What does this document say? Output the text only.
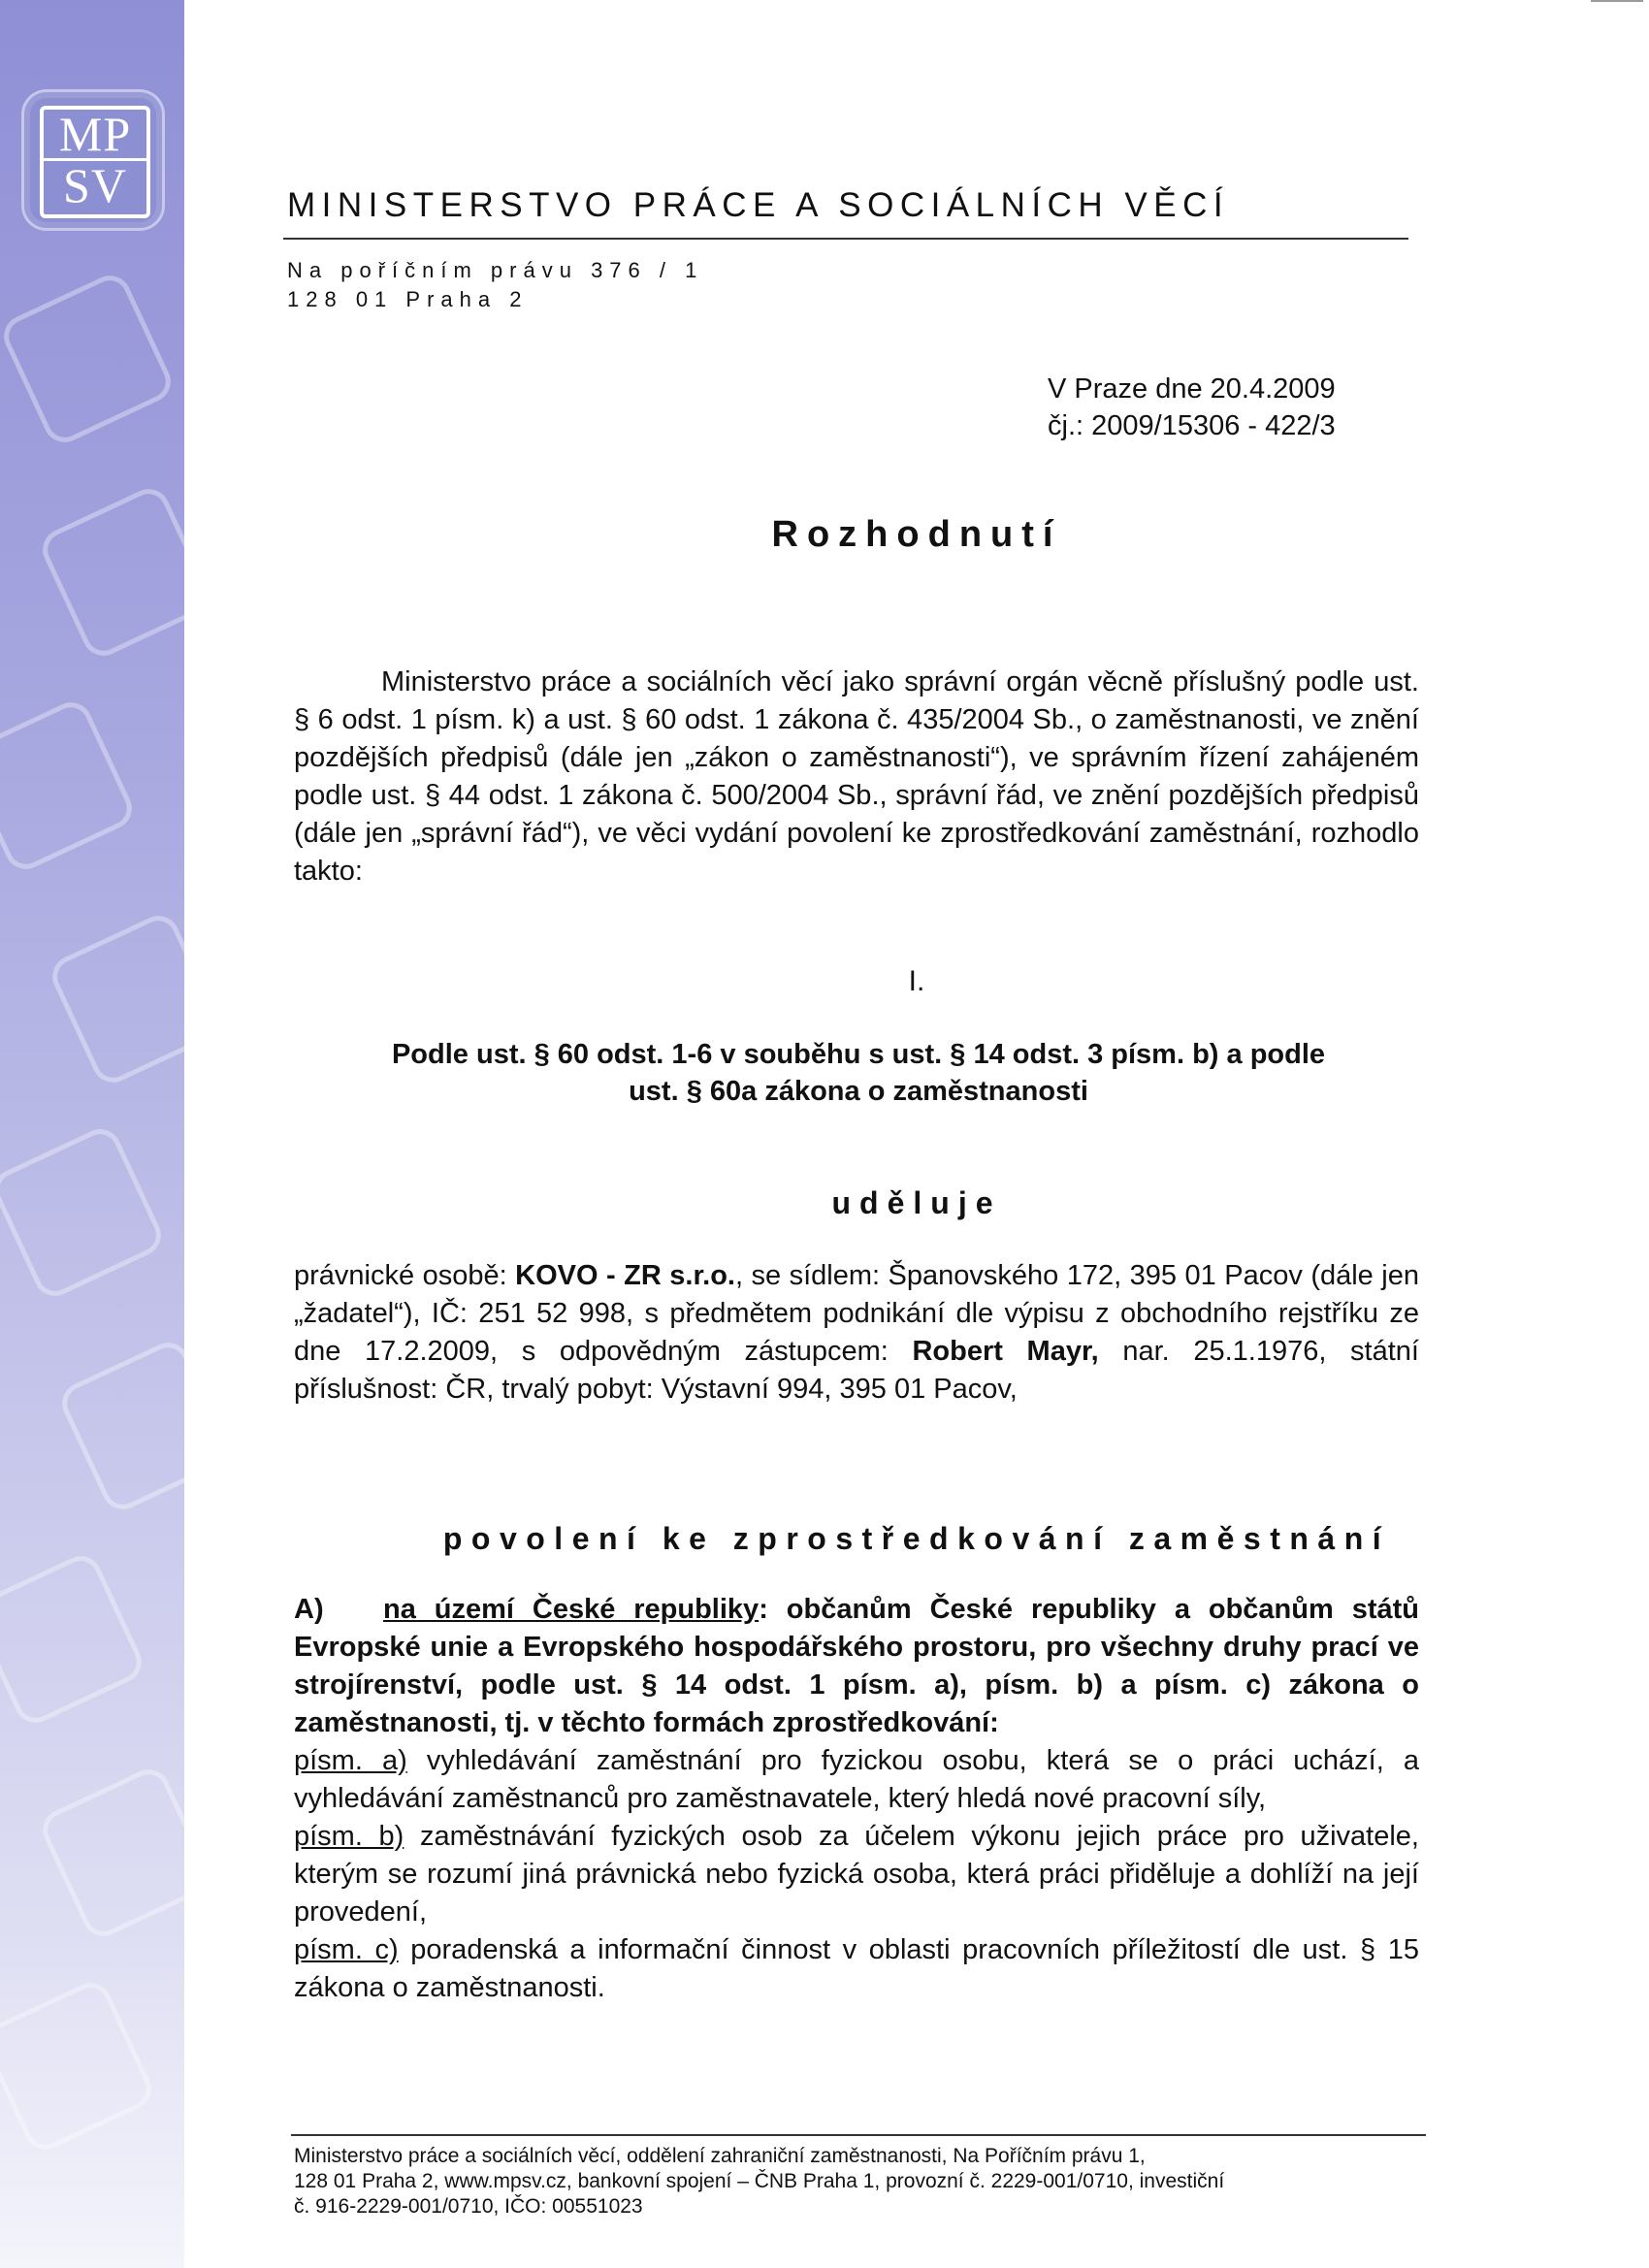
MP
SV	MINISTERSTVO PRÁCE A SOCIÁLNÍCH VĚCÍ
Na poříčním právu 376 / 1
128 01 Praha 2
V Praze dne 20.4.2009
čj.: 2009/15306 - 422/3
Rozhodnutí
Ministerstvo práce a sociálních věcí jako správní orgán věcně příslušný podle ust. § 6 odst. 1 písm. k) a ust. § 60 odst. 1 zákona č. 435/2004 Sb., o zaměstnanosti, ve znění pozdějších předpisů (dále jen „zákon o zaměstnanosti“), ve správním řízení zahájeném podle ust. § 44 odst. 1 zákona č. 500/2004 Sb., správní řád, ve znění pozdějších předpisů (dále jen „správní řád“), ve věci vydání povolení ke zprostředkování zaměstnání, rozhodlo takto:
I.
Podle ust. § 60 odst. 1-6 v souběhu s ust. § 14 odst. 3 písm. b) a podle
ust. § 60a zákona o zaměstnanosti
uděluje
právnické osobě: KOVO - ZR s.r.o., se sídlem: Španovského 172, 395 01 Pacov (dále jen „žadatel“), IČ: 251 52 998, s předmětem podnikání dle výpisu z obchodního rejstříku ze dne 17.2.2009, s odpovědným zástupcem: Robert Mayr, nar. 25.1.1976, státní příslušnost: ČR, trvalý pobyt: Výstavní 994, 395 01 Pacov,
povolení ke zprostředkování zaměstnání
A) na území České republiky: občanům České republiky a občanům států Evropské unie a Evropského hospodářského prostoru, pro všechny druhy prací ve strojírenství, podle ust. § 14 odst. 1 písm. a), písm. b) a písm. c) zákona o zaměstnanosti, tj. v těchto formách zprostředkování:
písm. a) vyhledávání zaměstnání pro fyzickou osobu, která se o práci uchází, a vyhledávání zaměstnanců pro zaměstnavatele, který hledá nové pracovní síly,
písm. b) zaměstnávání fyzických osob za účelem výkonu jejich práce pro uživatele, kterým se rozumí jiná právnická nebo fyzická osoba, která práci přiděluje a dohlíží na její provedení,
písm. c) poradenská a informační činnost v oblasti pracovních příležitostí dle ust. § 15 zákona o zaměstnanosti.
Ministerstvo práce a sociálních věcí, oddělení zahraniční zaměstnanosti, Na Poříčním právu 1,
128 01 Praha 2, www.mpsv.cz, bankovní spojení – ČNB Praha 1, provozní č. 2229-001/0710, investiční
č. 916-2229-001/0710, IČO: 00551023
